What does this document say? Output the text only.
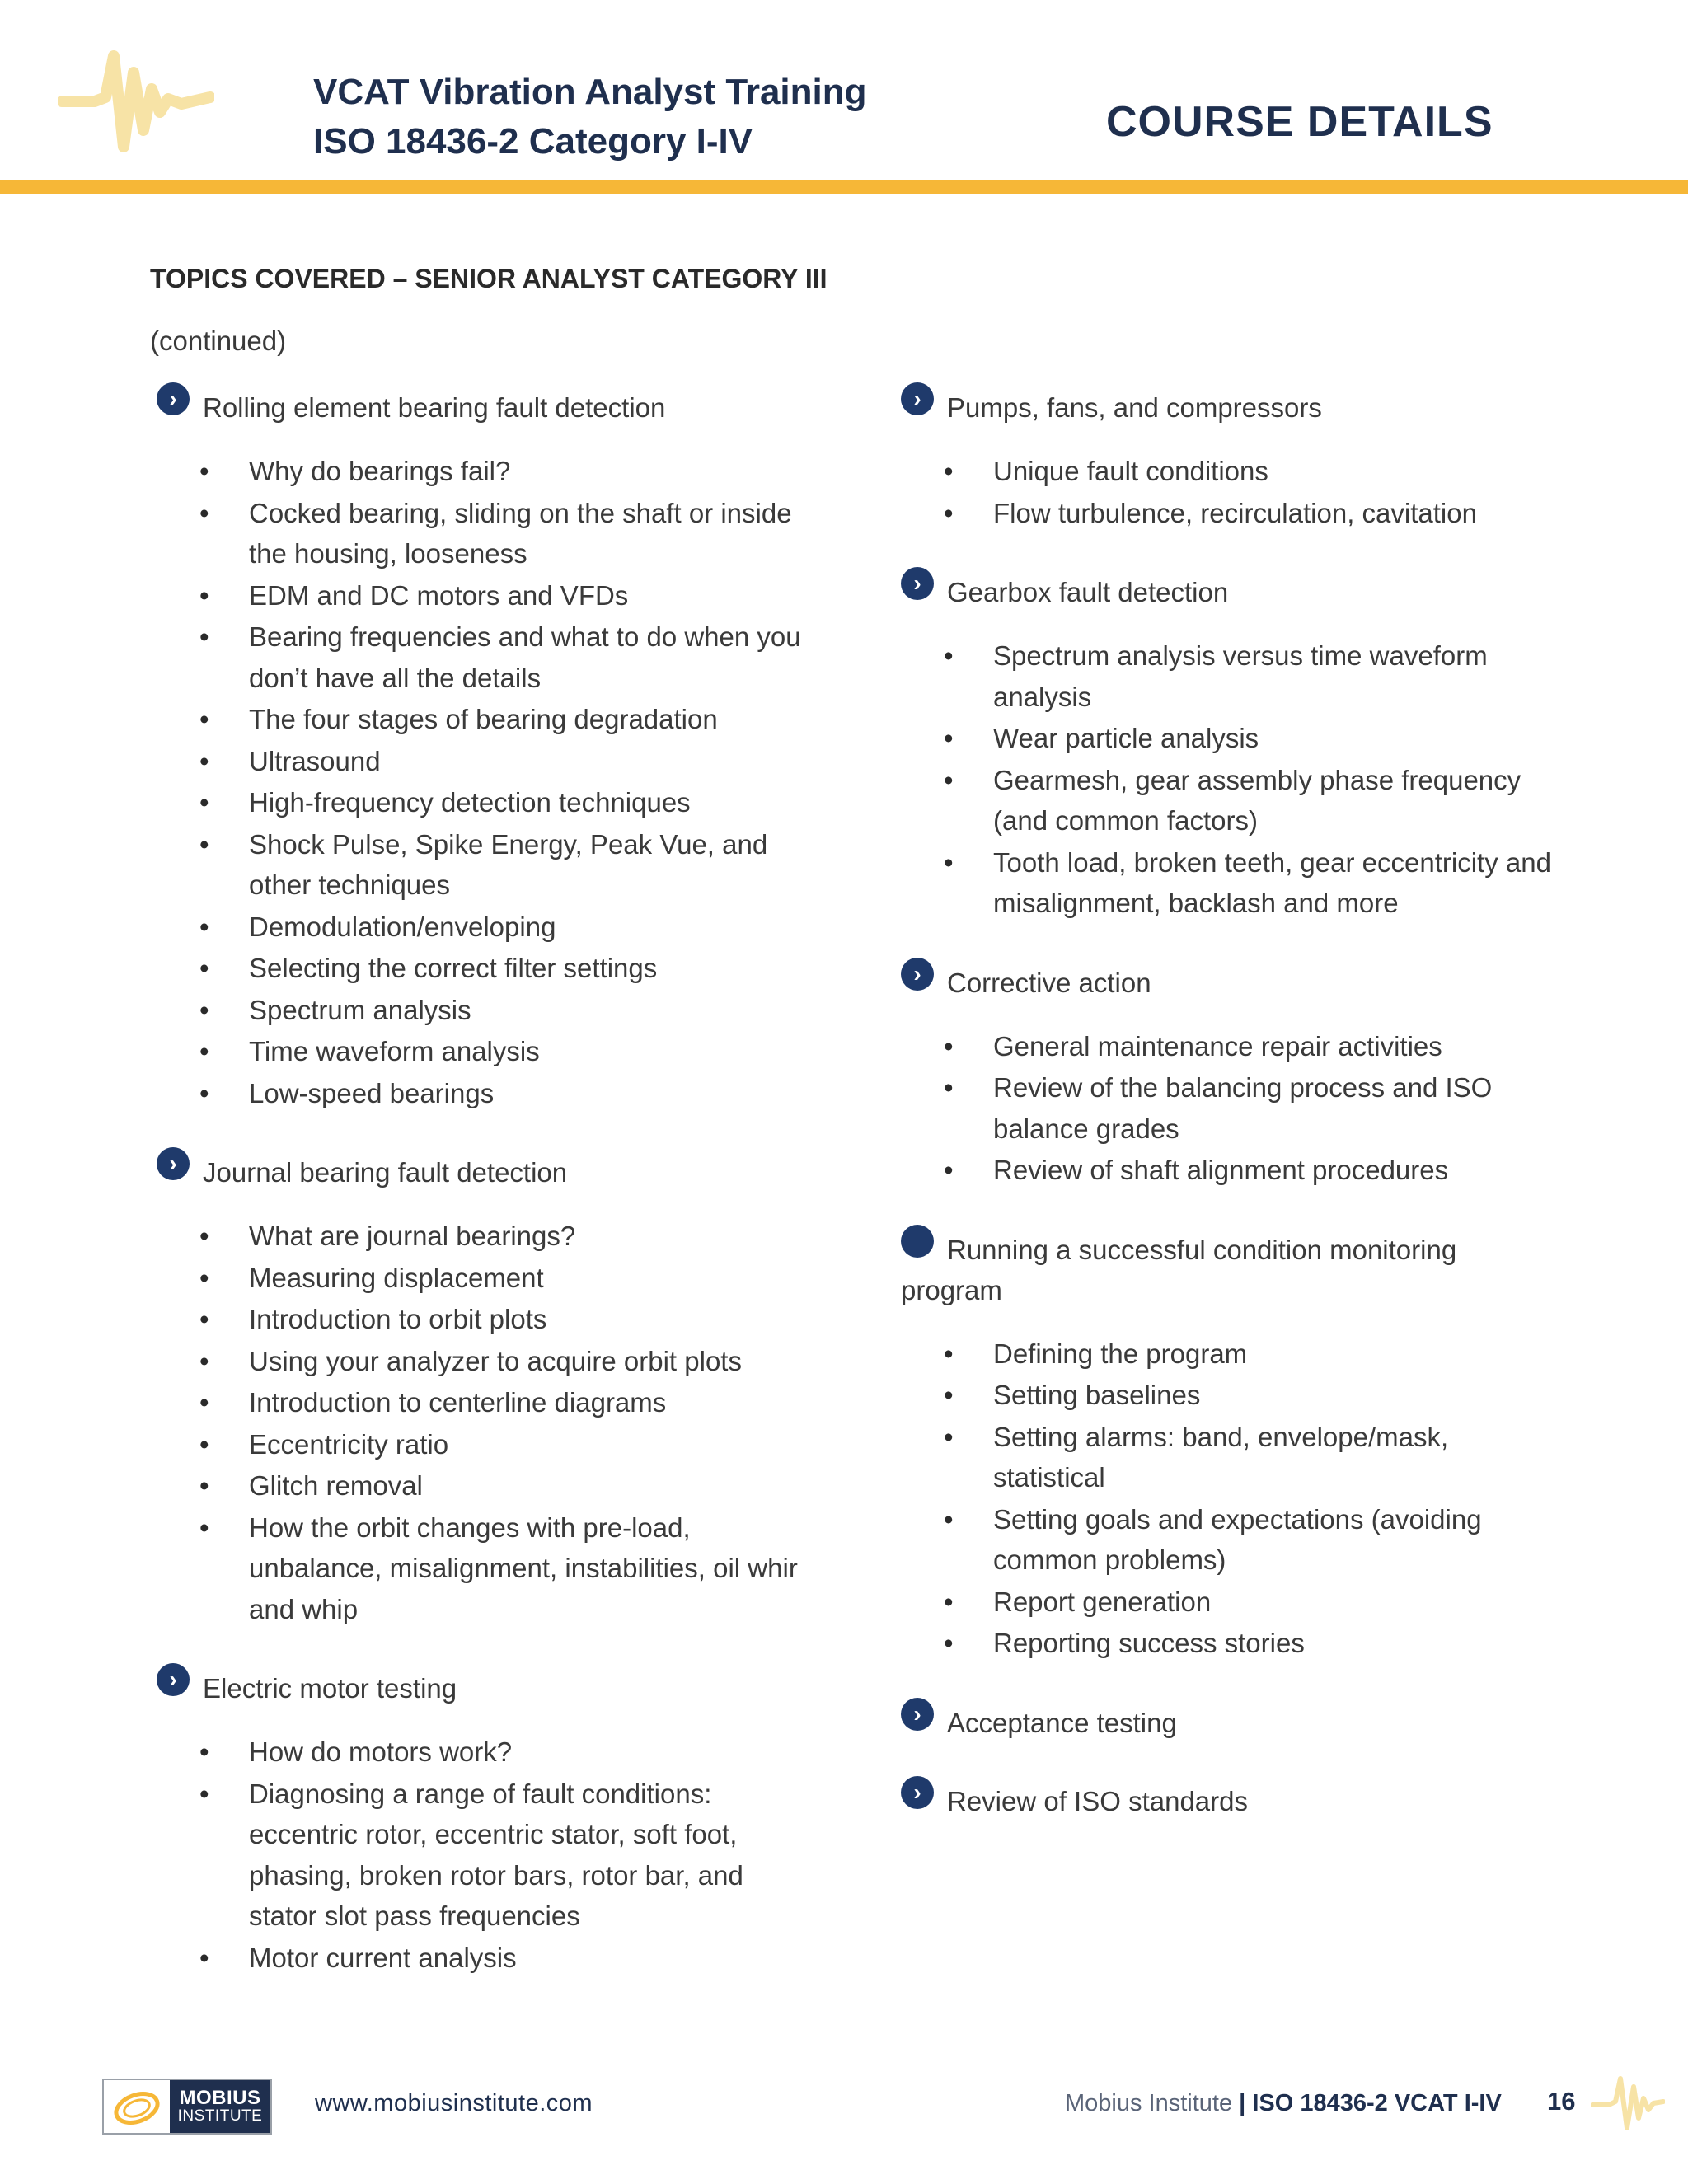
VCAT Vibration Analyst Training
ISO 18436-2 Category I-IV	COURSE DETAILS
TOPICS COVERED – SENIOR ANALYST CATEGORY III
(continued)
› Rolling element bearing fault detection
• Why do bearings fail?
• Cocked bearing, sliding on the shaft or inside the housing, looseness
• EDM and DC motors and VFDs
• Bearing frequencies and what to do when you don’t have all the details
• The four stages of bearing degradation
• Ultrasound
• High-frequency detection techniques
• Shock Pulse, Spike Energy, Peak Vue, and other techniques
• Demodulation/enveloping
• Selecting the correct filter settings
• Spectrum analysis
• Time waveform analysis
• Low-speed bearings
› Journal bearing fault detection
• What are journal bearings?
• Measuring displacement
• Introduction to orbit plots
• Using your analyzer to acquire orbit plots
• Introduction to centerline diagrams
• Eccentricity ratio
• Glitch removal
• How the orbit changes with pre-load, unbalance, misalignment, instabilities, oil whir and whip
› Electric motor testing
• How do motors work?
• Diagnosing a range of fault conditions: eccentric rotor, eccentric stator, soft foot, phasing, broken rotor bars, rotor bar, and stator slot pass frequencies
• Motor current analysis
› Pumps, fans, and compressors
• Unique fault conditions
• Flow turbulence, recirculation, cavitation
› Gearbox fault detection
• Spectrum analysis versus time waveform analysis
• Wear particle analysis
• Gearmesh, gear assembly phase frequency (and common factors)
• Tooth load, broken teeth, gear eccentricity and misalignment, backlash and more
› Corrective action
• General maintenance repair activities
• Review of the balancing process and ISO balance grades
• Review of shaft alignment procedures
› Running a successful condition monitoring program
• Defining the program
• Setting baselines
• Setting alarms: band, envelope/mask, statistical
• Setting goals and expectations (avoiding common problems)
• Report generation
• Reporting success stories
› Acceptance testing
› Review of ISO standards
MOBIUS
INSTITUTE www.mobiusinstitute.com	Mobius Institute | ISO 18436-2 VCAT I-IV 16
